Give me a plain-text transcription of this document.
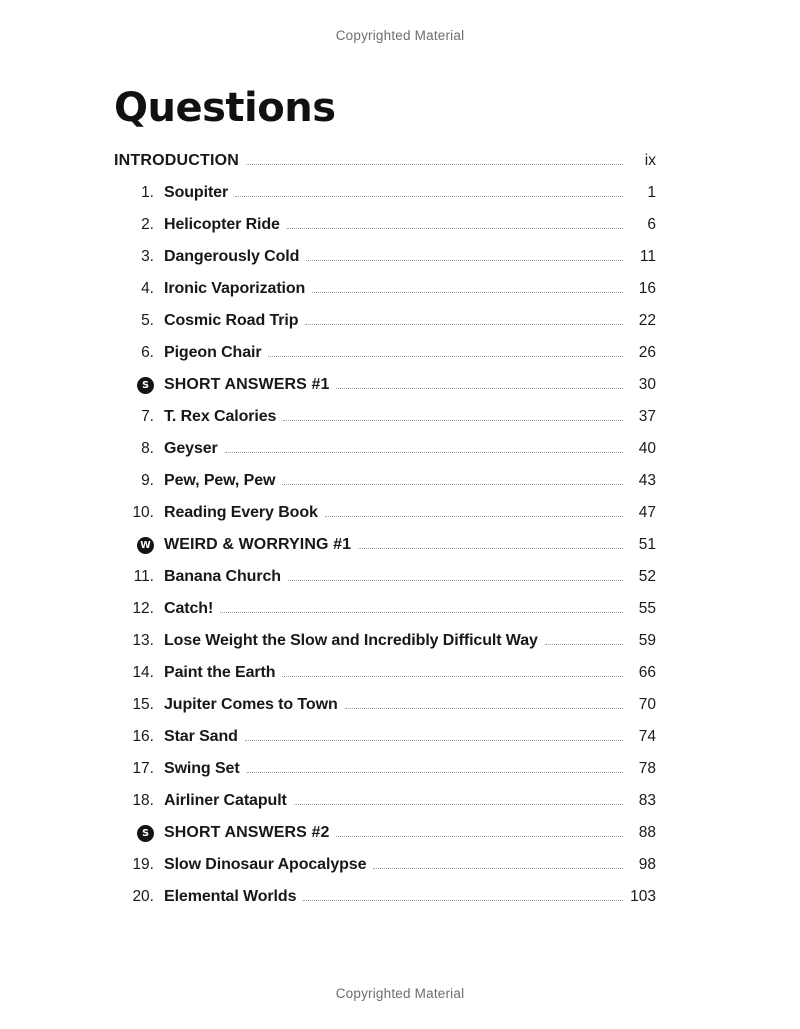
Copyrighted Material
Questions
INTRODUCTION	ix
1. Soupiter	1
2. Helicopter Ride	6
3. Dangerously Cold	11
4. Ironic Vaporization	16
5. Cosmic Road Trip	22
6. Pigeon Chair	26
S SHORT ANSWERS #1	30
7. T. Rex Calories	37
8. Geyser	40
9. Pew, Pew, Pew	43
10. Reading Every Book	47
W WEIRD & WORRYING #1	51
11. Banana Church	52
12. Catch!	55
13. Lose Weight the Slow and Incredibly Difficult Way	59
14. Paint the Earth	66
15. Jupiter Comes to Town	70
16. Star Sand	74
17. Swing Set	78
18. Airliner Catapult	83
S SHORT ANSWERS #2	88
19. Slow Dinosaur Apocalypse	98
20. Elemental Worlds	103
Copyrighted Material
